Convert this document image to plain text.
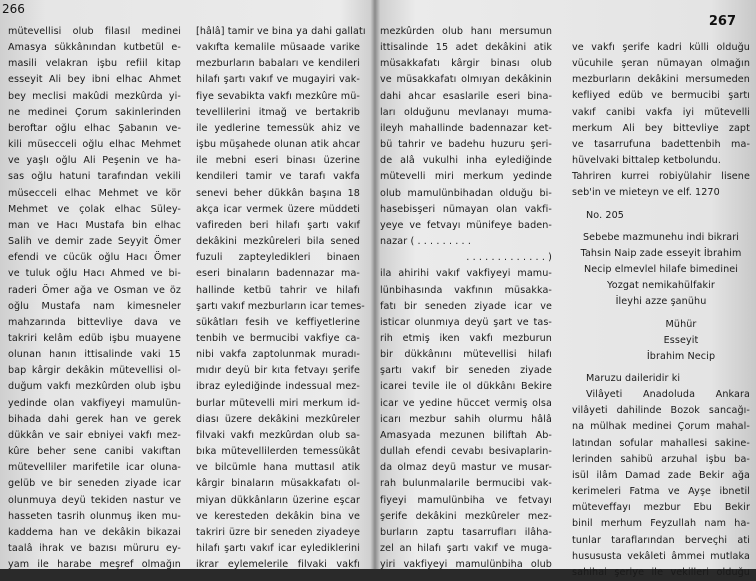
266
mütevellisi olub filasıl medinei
Amasya sükkânından kutbetül e-
masili velakran işbu refiil kitap
esseyit Ali bey ibni elhac Ahmet
bey meclisi makûdi mezkûrda yi-
ne medinei Çorum sakinlerinden
beroftar oğlu elhac Şabanın ve-
kili müsecceli oğlu elhac Mehmet
ve yaşlı oğlu Ali Peşenin ve ha-
sas oğlu hatuni tarafından vekili
müsecceli elhac Mehmet ve kör
Mehmet ve çolak elhac Süley-
man ve Hacı Mustafa bin elhac
Salih ve demir zade Seyyit Ömer
efendi ve cücük oğlu Hacı Ömer
ve tuluk oğlu Hacı Ahmed ve bi-
raderi Ömer ağa ve Osman ve öz
oğlu Mustafa nam kimesneler
mahzarında bittevliye dava ve
takriri kelâm edüb işbu muayene
olunan hanın ittisalinde vaki 15
bap kârgir dekâkin mütevellisi ol-
duğum vakfı mezkûrden olub işbu
yedinde olan vakfiyeyi mamulün-
bihada dahi gerek han ve gerek
dükkân ve sair ebniyei vakfı mez-
kûre beher sene canibi vakıftan
mütevelliler marifetile icar oluna-
gelüb ve bir seneden ziyade icar
olunmuya deyü tekiden nastur ve
hasseten tasrih olunmuş iken mu-
kaddema han ve dekâkin bikazai
taalâ ihrak ve bazısı müruru ey-
yam ile harabe meşref olmağın
[hâlâ] tamir ve bina ya dahi gallatı
vakıfta kemalile müsaade varike
mezburların babaları ve kendileri
hilafı şartı vakıf ve mugayiri vak-
fiye sevabikta vakfı mezkûre mü-
tevellilerini itmağ ve bertakrib
ile yedlerine temessük ahiz ve
işbu müşahede olunan atik ahcar
ile mebni eseri binası üzerine
kendileri tamir ve tarafı vakfa
senevi beher dükkân başına 18
akça icar vermek üzere müddeti
vafireden beri hilafı şartı vakıf
dekâkini mezkûreleri bila sened
fuzuli zapteyledikleri binaen
eseri binaların badennazar ma-
hallinde ketbü tahrir ve hilafı
şartı vakıf mezburların icar temes-
sükâtları fesih ve keffiyetlerine
tenbih ve bermucibi vakfiye ca-
nibi vakfa zaptolunmak muradı-
mıdır deyü bir kıta fetvayı şerife
ibraz eylediğinde indessual mez-
burlar mütevelli miri merkum id-
diası üzere dekâkini mezkûreler
filvaki vakfı mezkûrdan olub sa-
bıka mütevellilerden temessükât
ve bilcümle hana muttasıl atik
kârgir binaların müsakkafatı ol-
miyan dükkânların üzerine eşcar
ve keresteden dekâkin bina ve
takriri üzre bir seneden ziyadeye
hilafı şartı vakıf icar eylediklerini
ikrar eylemelerile filvaki vakfı
267
mezkûrden olub hanı mersumun
ittisalinde 15 adet dekâkini atik
müsakkafatı kârgir binası olub
ve müsakkafatı olmıyan dekâkinin
dahi ahcar esaslarile eseri bina-
ları olduğunu mevlanayı muma-
ileyh mahallinde badennazar ket-
bü tahrir ve badehu huzuru şeri-
de alâ vukulhi inha eylediğinde
mütevelli miri merkum yedinde
olub mamulünbihadan olduğu bi-
hasebisşeri nümayan olan vakfi-
yeye ve fetvayı münifeye baden-
nazar ( . . . . . . . . .
. . . . . . . . . . . . . )
ila ahirihi vakıf vakfiyeyi mamu-
lünbihasında vakfının müsakka-
fatı bir seneden ziyade icar ve
isticar olunmıya deyü şart ve tas-
rih etmiş iken vakfı mezburun
bir dükkânını mütevellisi hilafı
şartı vakıf bir seneden ziyade
icarei tevile ile ol dükkânı Bekire
icar ve yedine hüccet vermiş olsa
icarı mezbur sahih olurmu hâlâ
Amasyada mezunen biliftah Ab-
dullah efendi cevabı besivaplarin-
da olmaz deyü mastur ve musar-
rah bulunmalarile bermucibi vak-
fiyeyi mamulünbiha ve fetvayı
şerife dekâkini mezkûreler mez-
burların zaptu tasarrufları ilâha-
zel an hilafı şartı vakıf ve muga-
yiri vakfiyeyi mamulünbiha olub
ve vakfı şerife kadri külli olduğu
vücuhile şeran nümayan olmağın
mezburların dekâkini mersumeden
kefliyed edüb ve bermucibi şartı
vakıf canibi vakfa iyi mütevelli
merkum Ali bey bittevliye zapt
ve tasarrufuna badettenbih ma-
hüvelvaki bittalep ketbolundu.
Tahriren kurrei robiyülahir lisene
seb'in ve mieteyn ve elf. 1270
No. 205
Sebebe mazmunehu indi bikrari
Tahsin Naip zade esseyit İbrahim
Necip elmevlel hilafe bimedinei
Yozgat nemikahülfakir
İleyhi azze şanühu
Mühür
Esseyit
İbrahim Necip
Maruzu daileridir ki
Vilâyeti Anadoluda Ankara
vilâyeti dahilinde Bozok sancağı-
na mülhak medinei Çorum mahal-
latından sofular mahallesi sakine-
lerinden sahibü arzuhal işbu ba-
isül ilâm Damad zade Bekir ağa
kerimeleri Fatma ve Ayşe ibnetil
müteveffayı mezbur Ebu Bekir
binil merhum Feyzullah nam ha-
tunlar taraflarından berveçhi ati
husususta vekâleti âmmei mutlaka
sahihai şeriye ile vekilleri olduğu
